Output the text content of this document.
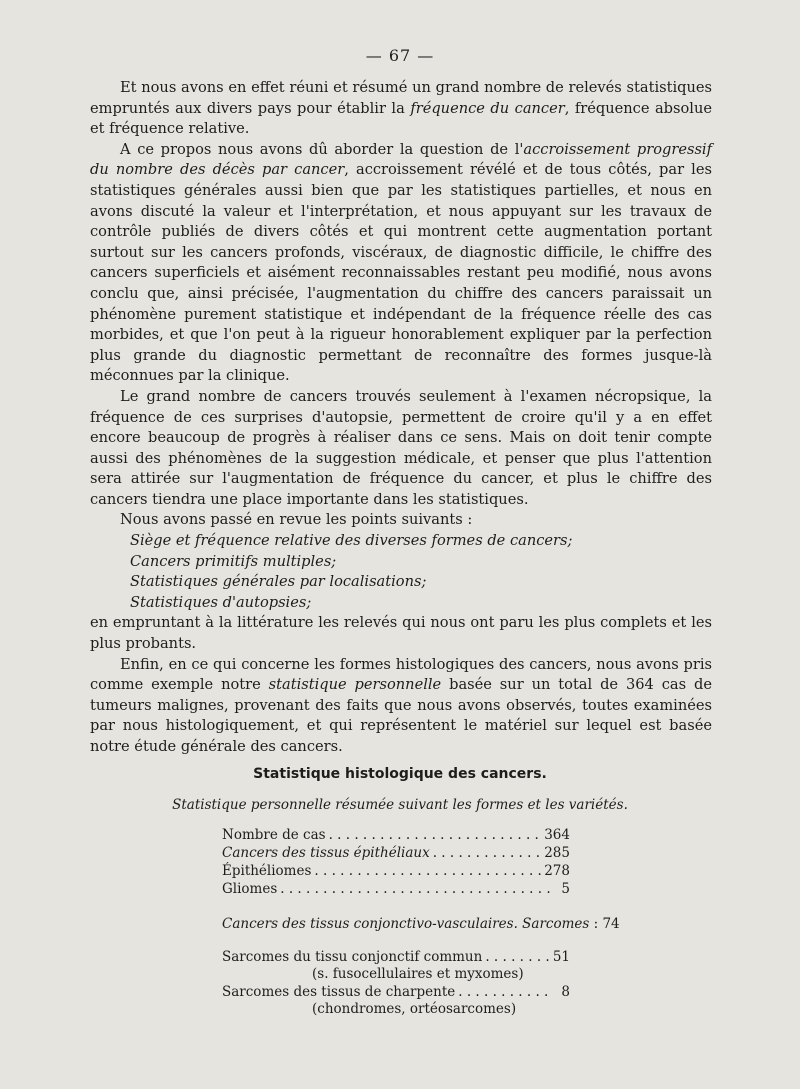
— 67 —

Et nous avons en effet réuni et résumé un grand nombre de relevés statistiques empruntés aux divers pays pour établir la fréquence du cancer, fréquence absolue et fréquence relative.

A ce propos nous avons dû aborder la question de l'accroissement progressif du nombre des décès par cancer, accroissement révélé et de tous côtés, par les statistiques générales aussi bien que par les statistiques partielles, et nous en avons discuté la valeur et l'interprétation, et nous appuyant sur les travaux de contrôle publiés de divers côtés et qui montrent cette augmentation portant surtout sur les cancers profonds, viscéraux, de diagnostic difficile, le chiffre des cancers superficiels et aisément reconnaissables restant peu modifié, nous avons conclu que, ainsi précisée, l'augmentation du chiffre des cancers paraissait un phénomène purement statistique et indépendant de la fréquence réelle des cas morbides, et que l'on peut à la rigueur honorablement expliquer par la perfection plus grande du diagnostic permettant de reconnaître des formes jusque-là méconnues par la clinique.

Le grand nombre de cancers trouvés seulement à l'examen nécropsique, la fréquence de ces surprises d'autopsie, permettent de croire qu'il y a en effet encore beaucoup de progrès à réaliser dans ce sens. Mais on doit tenir compte aussi des phénomènes de la suggestion médicale, et penser que plus l'attention sera attirée sur l'augmentation de fréquence du cancer, et plus le chiffre des cancers tiendra une place importante dans les statistiques.

Nous avons passé en revue les points suivants :

Siège et fréquence relative des diverses formes de cancers;

Cancers primitifs multiples;

Statistiques générales par localisations;

Statistiques d'autopsies;

en empruntant à la littérature les relevés qui nous ont paru les plus complets et les plus probants.

Enfin, en ce qui concerne les formes histologiques des cancers, nous avons pris comme exemple notre statistique personnelle basée sur un total de 364 cas de tumeurs malignes, provenant des faits que nous avons observés, toutes examinées par nous histologiquement, et qui représentent le matériel sur lequel est basée notre étude générale des cancers.

Statistique histologique des cancers.
Statistique personnelle résumée suivant les formes et les variétés.
Nombre de cas . . .	364
Cancers des tissus épithéliaux . . .	285
Épithéliomes . . .	278
Gliomes . . .	5
Cancers des tissus conjonctivo-vasculaires. Sarcomes : 74
Sarcomes du tissu conjonctif commun . . .	51
(s. fusocellulaires et myxomes)
Sarcomes des tissus de charpente . . .	8
(chondromes, ortéosarcomes)
